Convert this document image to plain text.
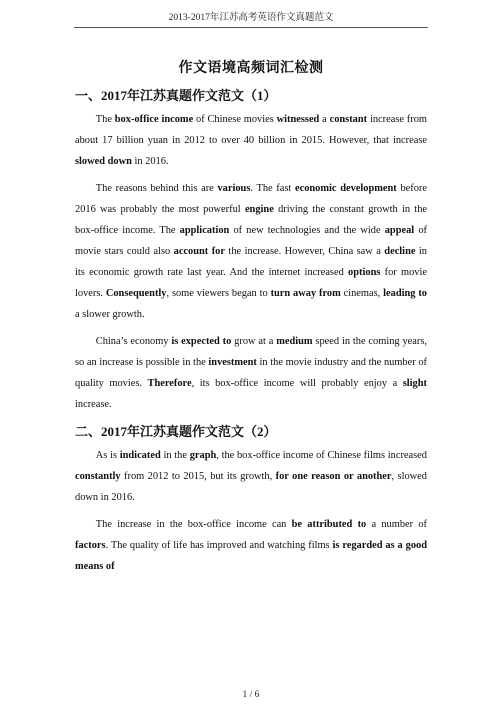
2013-2017年江苏高考英语作文真题范文
作文语境高频词汇检测
一、2017年江苏真题作文范文（1）

The box-office income of Chinese movies witnessed a constant increase from about 17 billion yuan in 2012 to over 40 billion in 2015. However, that increase slowed down in 2016.

The reasons behind this are various. The fast economic development before 2016 was probably the most powerful engine driving the constant growth in the box-office income. The application of new technologies and the wide appeal of movie stars could also account for the increase. However, China saw a decline in its economic growth rate last year. And the internet increased options for movie lovers. Consequently, some viewers began to turn away from cinemas, leading to a slower growth.

China’s economy is expected to grow at a medium speed in the coming years, so an increase is possible in the investment in the movie industry and the number of quality movies. Therefore, its box-office income will probably enjoy a slight increase.

二、2017年江苏真题作文范文（2）

As is indicated in the graph, the box-office income of Chinese films increased constantly from 2012 to 2015, but its growth, for one reason or another, slowed down in 2016.

The increase in the box-office income can be attributed to a number of factors. The quality of life has improved and watching films is regarded as a good means of

1 / 6
